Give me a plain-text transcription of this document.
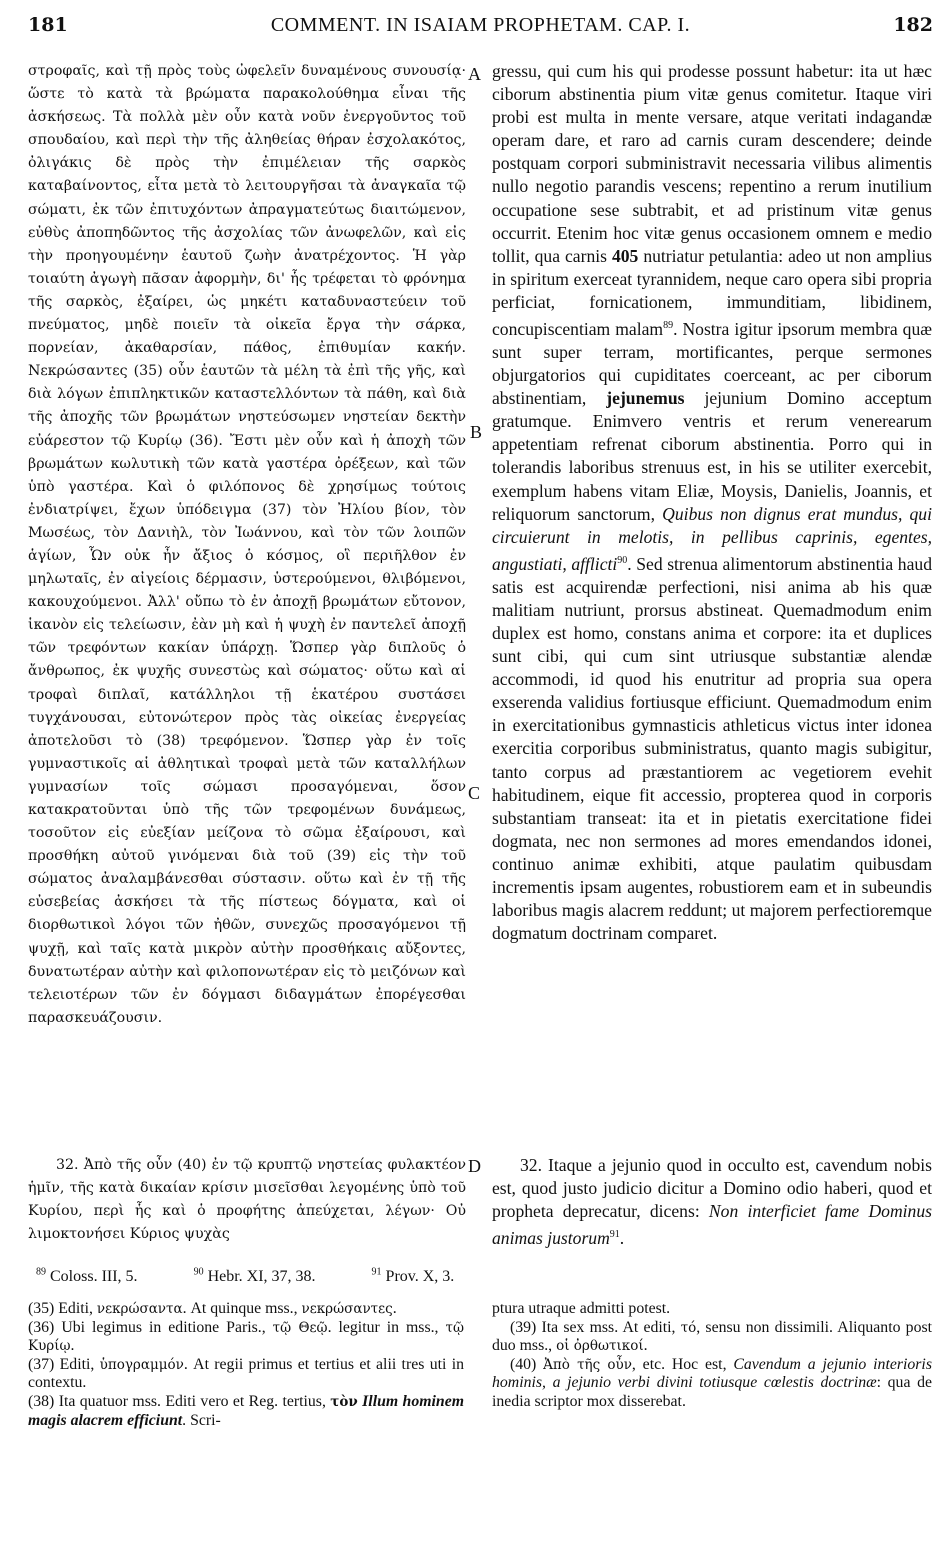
181	COMMENT. IN ISAIAM PROPHETAM. CAP. I.	182

στροφαῖς, καὶ τῇ πρὸς τοὺς ὠφελεῖν δυναμένους συνουσίᾳ· ὥστε τὸ κατὰ τὰ βρώματα παρακολούθημα εἶναι τῆς ἀσκήσεως. Τὰ πολλὰ μὲν οὖν κατὰ νοῦν ἐνεργοῦντος τοῦ σπουδαίου, καὶ περὶ τὴν τῆς ἀληθείας θήραν ἐσχολακότος, ὀλιγάκις δὲ πρὸς τὴν ἐπιμέλειαν τῆς σαρκὸς καταβαίνοντος, εἶτα μετὰ τὸ λειτουργῆσαι τὰ ἀναγκαῖα τῷ σώματι, ἐκ τῶν ἐπιτυχόντων ἀπραγματεύτως διαιτώμενον, εὐθὺς ἀποπηδῶντος τῆς ἀσχολίας τῶν ἀνωφελῶν, καὶ εἰς τὴν προηγουμένην ἑαυτοῦ ζωὴν ἀνατρέχοντος. Ἡ γὰρ τοιαύτη ἀγωγὴ πᾶσαν ἀφορμὴν, δι' ἧς τρέφεται τὸ φρόνημα τῆς σαρκὸς, ἐξαίρει, ὡς μηκέτι καταδυναστεύειν τοῦ πνεύματος, μηδὲ ποιεῖν τὰ οἰκεῖα ἔργα τὴν σάρκα, πορνείαν, ἀκαθαρσίαν, πάθος, ἐπιθυμίαν κακήν. Νεκρώσαντες (35) οὖν ἑαυτῶν τὰ μέλη τὰ ἐπὶ τῆς γῆς, καὶ διὰ λόγων ἐπιπληκτικῶν καταστελλόντων τὰ πάθη, καὶ διὰ τῆς ἀποχῆς τῶν βρωμάτων νηστεύσωμεν νηστείαν δεκτὴν εὐάρεστον τῷ Κυρίῳ (36). Ἔστι μὲν οὖν καὶ ἡ ἀποχὴ τῶν βρωμάτων κωλυτικὴ τῶν κατὰ γαστέρα ὀρέξεων, καὶ τῶν ὑπὸ γαστέρα. Καὶ ὁ φιλόπονος δὲ χρησίμως τούτοις ἐνδιατρίψει, ἔχων ὑπόδειγμα (37) τὸν Ἠλίου βίον, τὸν Μωσέως, τὸν Δανιὴλ, τὸν Ἰωάννου, καὶ τὸν τῶν λοιπῶν ἁγίων, Ὧν οὐκ ἦν ἄξιος ὁ κόσμος, οἳ περιῆλθον ἐν μηλωταῖς, ἐν αἰγείοις δέρμασιν, ὑστερούμενοι, θλιβόμενοι, κακουχούμενοι. Ἀλλ' οὔπω τὸ ἐν ἀποχῇ βρωμάτων εὔτονον, ἱκανὸν εἰς τελείωσιν, ἐὰν μὴ καὶ ἡ ψυχὴ ἐν παντελεῖ ἀποχῇ τῶν τρεφόντων κακίαν ὑπάρχῃ. Ὥσπερ γὰρ διπλοῦς ὁ ἄνθρωπος, ἐκ ψυχῆς συνεστὼς καὶ σώματος· οὕτω καὶ αἱ τροφαὶ διπλαῖ, κατάλληλοι τῇ ἑκατέρου συστάσει τυγχάνουσαι, εὐτονώτερον πρὸς τὰς οἰκείας ἐνεργείας ἀποτελοῦσι τὸ (38) τρεφόμενον. Ὥσπερ γὰρ ἐν τοῖς γυμναστικοῖς αἱ ἀθλητικαὶ τροφαὶ μετὰ τῶν καταλλήλων γυμνασίων τοῖς σώμασι προσαγόμεναι, ὅσον κατακρατοῦνται ὑπὸ τῆς τῶν τρεφομένων δυνάμεως, τοσοῦτον εἰς εὐεξίαν μείζονα τὸ σῶμα ἐξαίρουσι, καὶ προσθήκη αὐτοῦ γινόμεναι διὰ τοῦ (39) εἰς τὴν τοῦ σώματος ἀναλαμβάνεσθαι σύστασιν. οὕτω καὶ ἐν τῇ τῆς εὐσεβείας ἀσκήσει τὰ τῆς πίστεως δόγματα, καὶ οἱ διορθωτικοὶ λόγοι τῶν ἠθῶν, συνεχῶς προσαγόμενοι τῇ ψυχῇ, καὶ ταῖς κατὰ μικρὸν αὐτὴν προσθήκαις αὔξοντες, δυνατωτέραν αὐτὴν καὶ φιλοπονωτέραν εἰς τὸ μειζόνων καὶ τελειοτέρων τῶν ἐν δόγμασι διδαγμάτων ἐπορέγεσθαι παρασκευάζουσιν.

32. Ἀπὸ τῆς οὖν (40) ἐν τῷ κρυπτῷ νηστείας φυλακτέον ἡμῖν, τῆς κατὰ δικαίαν κρίσιν μισεῖσθαι λεγομένης ὑπὸ τοῦ Κυρίου, περὶ ἧς καὶ ὁ προφήτης ἀπεύχεται, λέγων· Οὐ λιμοκτονήσει Κύριος ψυχὰς

A
B
C
D

gressu, qui cum his qui prodesse possunt habetur: ita ut hæc ciborum abstinentia pium vitæ genus comitetur. Itaque viri probi est multa in mente versare, atque veritati indagandæ operam dare, et raro ad carnis curam descendere; deinde postquam corpori subministravit necessaria vilibus alimentis nullo negotio parandis vescens; repentino a rerum inutilium occupatione sese subtrabit, et ad pristinum vitæ genus occurrit. Etenim hoc vitæ genus occasionem omnem e medio tollit, qua carnis 405 nutriatur petulantia: adeo ut non amplius in spiritum exerceat tyrannidem, neque caro opera sibi propria perficiat, fornicationem, immunditiam, libidinem, concupiscentiam malam$^{89}$. Nostra igitur ipsorum membra quæ sunt super terram, mortificantes, perque sermones objurgatorios qui cupiditates coerceant, ac per ciborum abstinentiam, jejunemus jejunium Domino acceptum gratumque. Enimvero ventris et rerum venerearum appetentiam refrenat ciborum abstinentia. Porro qui in tolerandis laboribus strenuus est, in his se utiliter exercebit, exemplum habens vitam Eliæ, Moysis, Danielis, Joannis, et reliquorum sanctorum, Quibus non dignus erat mundus, qui circuierunt in melotis, in pellibus caprinis, egentes, angustiati, afflicti$^{90}$. Sed strenua alimentorum abstinentia haud satis est acquirendæ perfectioni, nisi anima ab his quæ malitiam nutriunt, prorsus abstineat. Quemadmodum enim duplex est homo, constans anima et corpore: ita et duplices sunt cibi, qui cum sint utriusque substantiæ alendæ accommodi, id quod his enutritur ad propria sua opera exserenda validius fortiusque efficiunt. Quemadmodum enim in exercitationibus gymnasticis athleticus victus inter idonea exercitia corporibus subministratus, quanto magis subigitur, tanto corpus ad præstantiorem ac vegetiorem evehit habitudinem, eique fit accessio, propterea quod in corporis substantiam transeat: ita et in pietatis exercitatione fidei dogmata, nec non sermones ad mores emendandos idonei, continuo animæ exhibiti, atque paulatim quibusdam incrementis ipsam augentes, robustiorem eam et in subeundis laboribus magis alacrem reddunt; ut majorem perfectioremque dogmatum doctrinam comparet.

32. Itaque a jejunio quod in occulto est, cavendum nobis est, quod justo judicio dicitur a Domino odio haberi, quod et propheta deprecatur, dicens: Non interficiet fame Dominus animas justorum$^{91}$.

$^{89}$ Coloss. III, 5.	$^{90}$ Hebr. XI, 37, 38.	$^{91}$ Prov. X, 3.

(35) Editi, νεκρώσαντα. At quinque mss., νεκρώσαντες.

(36) Ubi legimus in editione Paris., τῷ Θεῷ. legitur in mss., τῷ Κυρίῳ.

(37) Editi, ὑπογραμμόν. At regii primus et tertius et alii tres uti in contextu.

(38) Ita quatuor mss. Editi vero et Reg. tertius, τὸν Illum hominem magis alacrem efficiunt. Scri-

ptura utraque admitti potest.

(39) Ita sex mss. At editi, τό, sensu non dissimili. Aliquanto post duo mss., οἱ ὀρθωτικοί.

(40) Ἀπὸ τῆς οὖν, etc. Hoc est, Cavendum a jejunio interioris hominis, a jejunio verbi divini totiusque cœlestis doctrinæ: qua de inedia scriptor mox disserebat.
